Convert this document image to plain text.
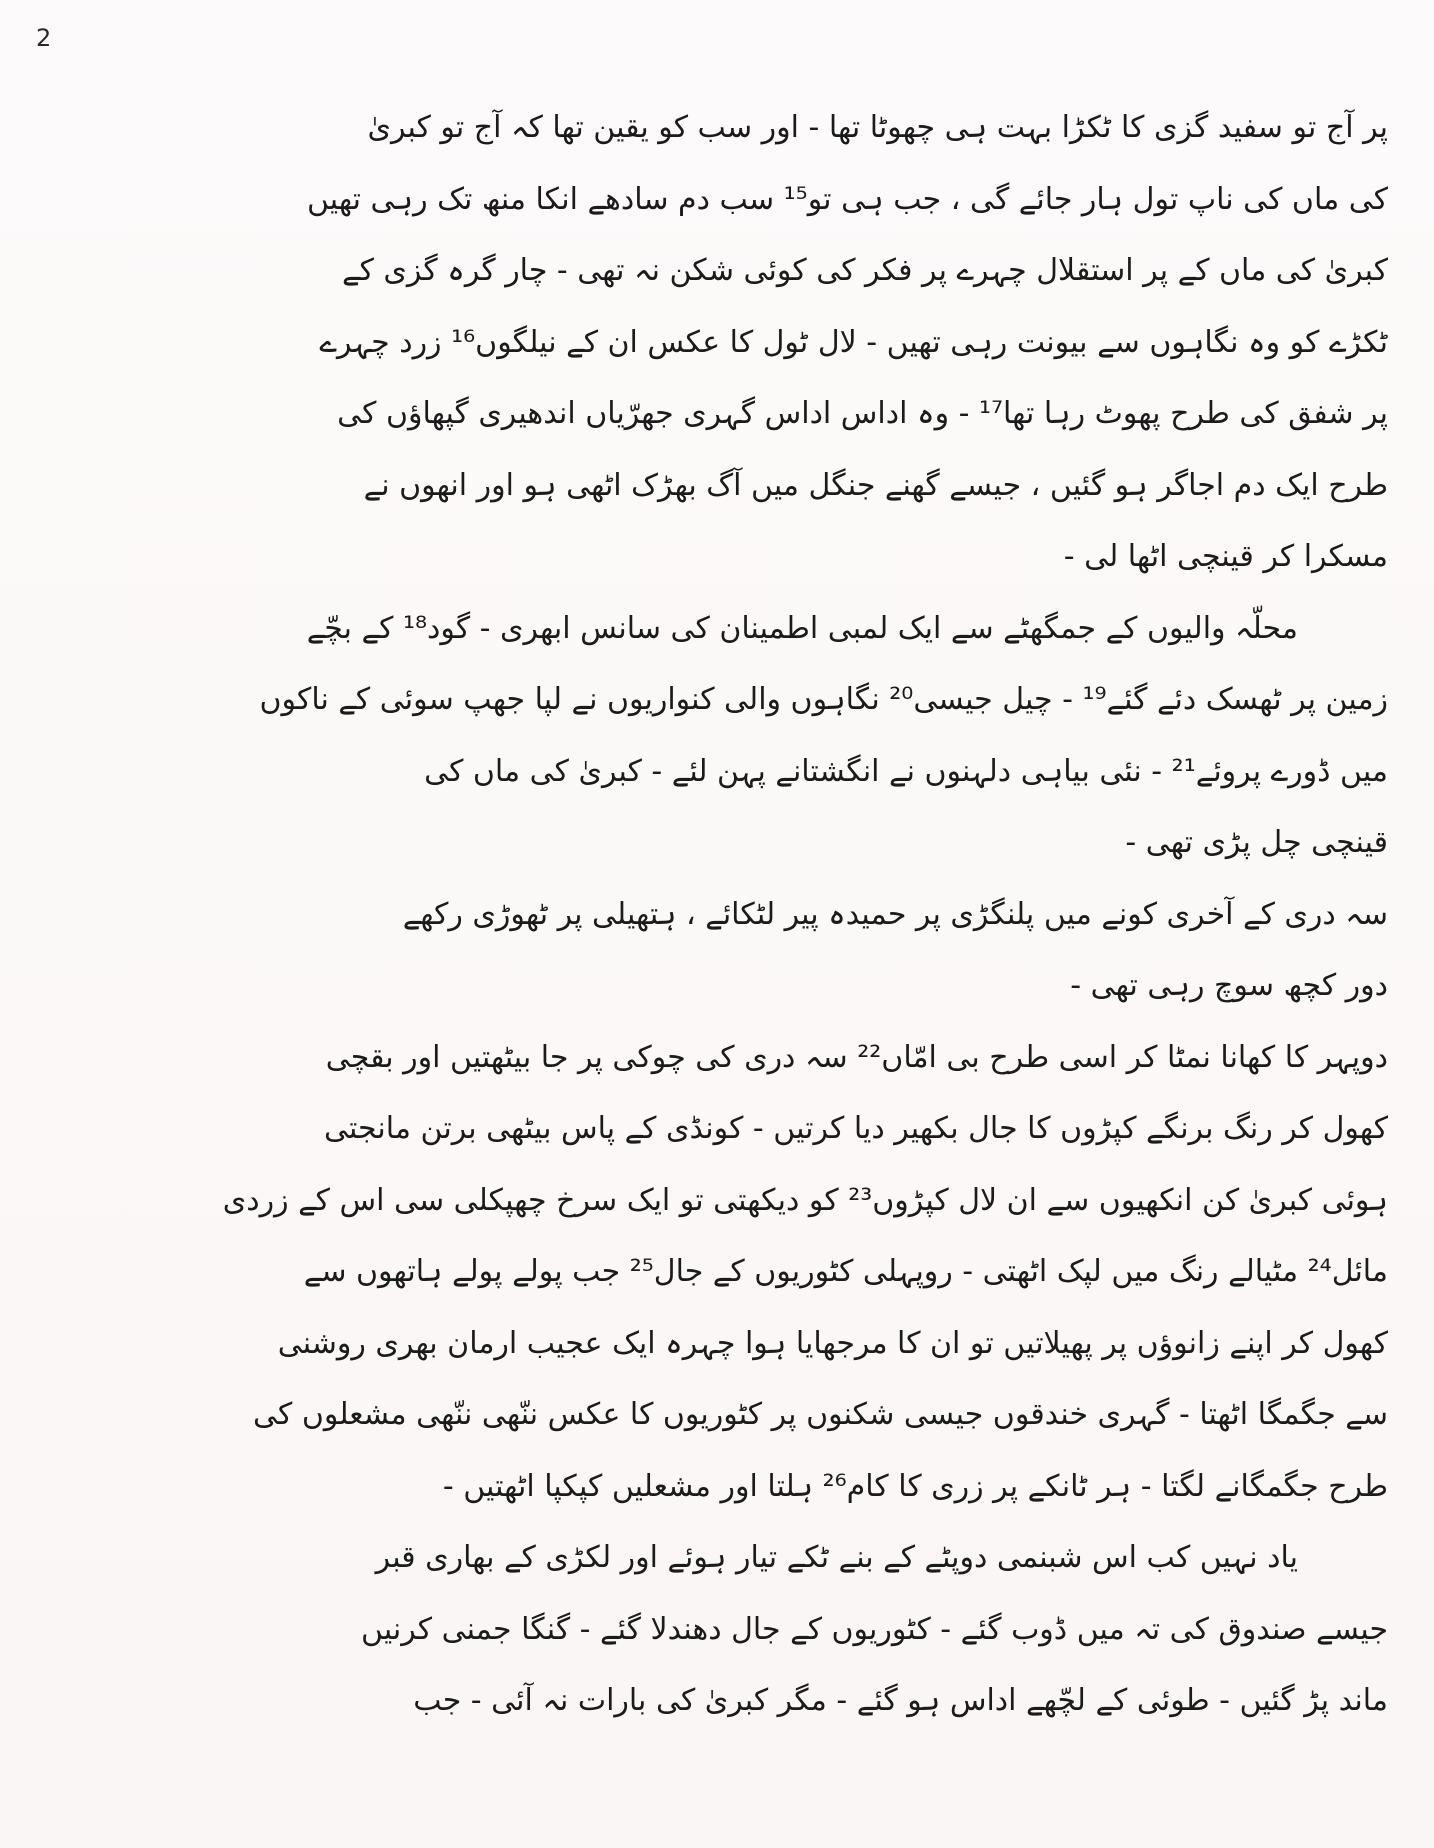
2
پر آج تو سفید گزی کا ٹکڑا بہت ہی چھوٹا تھا - اور سب کو یقین تھا کہ آج تو کبریٰ
کی ماں کی ناپ تول ہار جائے گی ، جب ہی تو¹⁵ سب دم سادھے انکا منھ تک رہی تھیں
کبریٰ کی ماں کے پر استقلال چہرے پر فکر کی کوئی شکن نہ تھی - چار گرہ گزی کے
ٹکڑے کو وہ نگاہوں سے بیونت رہی تھیں - لال ٹول کا عکس ان کے نیلگوں¹⁶ زرد چہرے
پر شفق کی طرح پھوٹ رہا تھا¹⁷ - وہ اداس اداس گہری جھرّیاں اندھیری گپھاؤں کی
طرح ایک دم اجاگر ہو گئیں ، جیسے گھنے جنگل میں آگ بھڑک اٹھی ہو اور انھوں نے
مسکرا کر قینچی اٹھا لی -
محلّہ والیوں کے جمگھٹے سے ایک لمبی اطمینان کی سانس ابھری - گود¹⁸ کے بچّے
زمین پر ٹھسک دئے گئے¹⁹ - چیل جیسی²⁰ نگاہوں والی کنواریوں نے لپا جھپ سوئی کے ناکوں
میں ڈورے پروئے²¹ - نئی بیاہی دلہنوں نے انگشتانے پہن لئے - کبریٰ کی ماں کی
قینچی چل پڑی تھی -
سہ دری کے آخری کونے میں پلنگڑی پر حمیدہ پیر لٹکائے ، ہتھیلی پر ٹھوڑی رکھے
دور کچھ سوچ رہی تھی -
دوپہر کا کھانا نمٹا کر اسی طرح بی امّاں²² سہ دری کی چوکی پر جا بیٹھتیں اور بقچی
کھول کر رنگ برنگے کپڑوں کا جال بکھیر دیا کرتیں - کونڈی کے پاس بیٹھی برتن مانجتی
ہوئی کبریٰ کن انکھیوں سے ان لال کپڑوں²³ کو دیکھتی تو ایک سرخ چھپکلی سی اس کے زردی
مائل²⁴ مٹیالے رنگ میں لپک اٹھتی - روپہلی کٹوریوں کے جال²⁵ جب پولے پولے ہاتھوں سے
کھول کر اپنے زانوؤں پر پھیلاتیں تو ان کا مرجھایا ہوا چہرہ ایک عجیب ارمان بھری روشنی
سے جگمگا اٹھتا - گہری خندقوں جیسی شکنوں پر کٹوریوں کا عکس ننّھی ننّھی مشعلوں کی
طرح جگمگانے لگتا - ہر ٹانکے پر زری کا کام²⁶ ہلتا اور مشعلیں کپکپا اٹھتیں -
یاد نہیں کب اس شبنمی دوپٹے کے بنے ٹکے تیار ہوئے اور لکڑی کے بھاری قبر
جیسے صندوق کی تہ میں ڈوب گئے - کٹوریوں کے جال دھندلا گئے - گنگا جمنی کرنیں
ماند پڑ گئیں - طوئی کے لچّھے اداس ہو گئے - مگر کبریٰ کی بارات نہ آئی - جب
